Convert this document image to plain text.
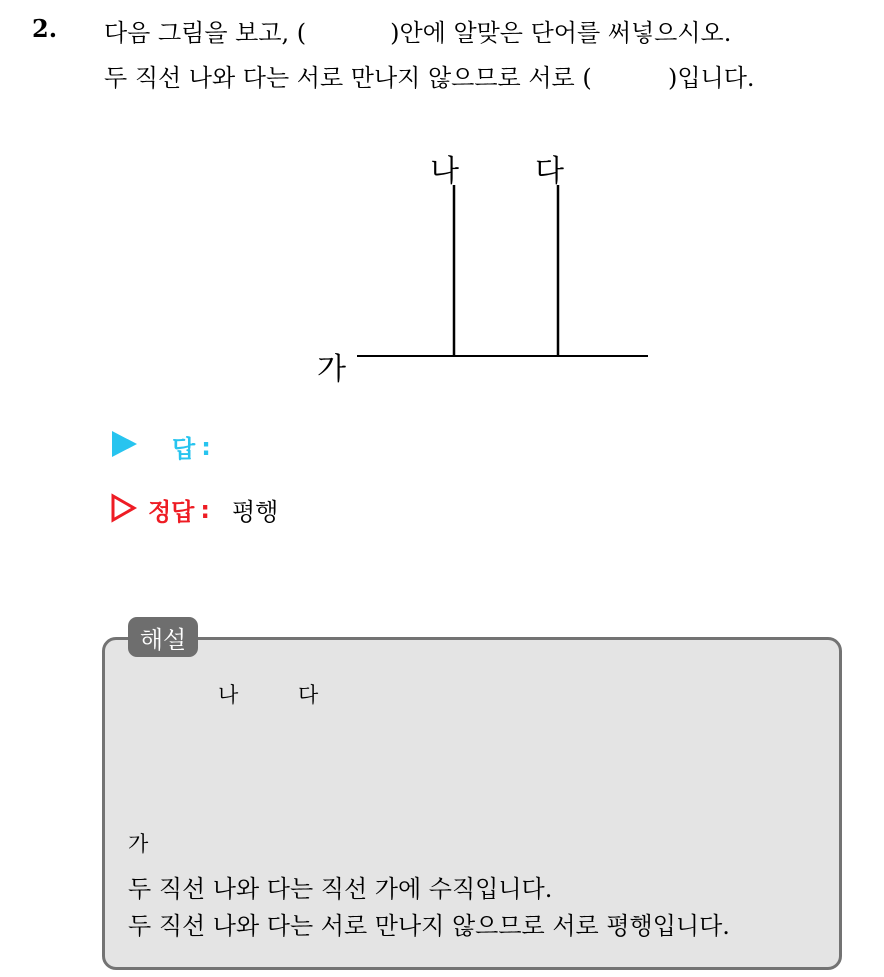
2. 다음 그림을 보고, (           )안에 알맞은 단어를 써넣으시오.
두 직선 나와 다는 서로 만나지 않으므로 서로 (          )입니다.
나	다
가
답 :
정답 : 평행
해설
나	다
가
두 직선 나와 다는 직선 가에 수직입니다.
두 직선 나와 다는 서로 만나지 않으므로 서로 평행입니다.
